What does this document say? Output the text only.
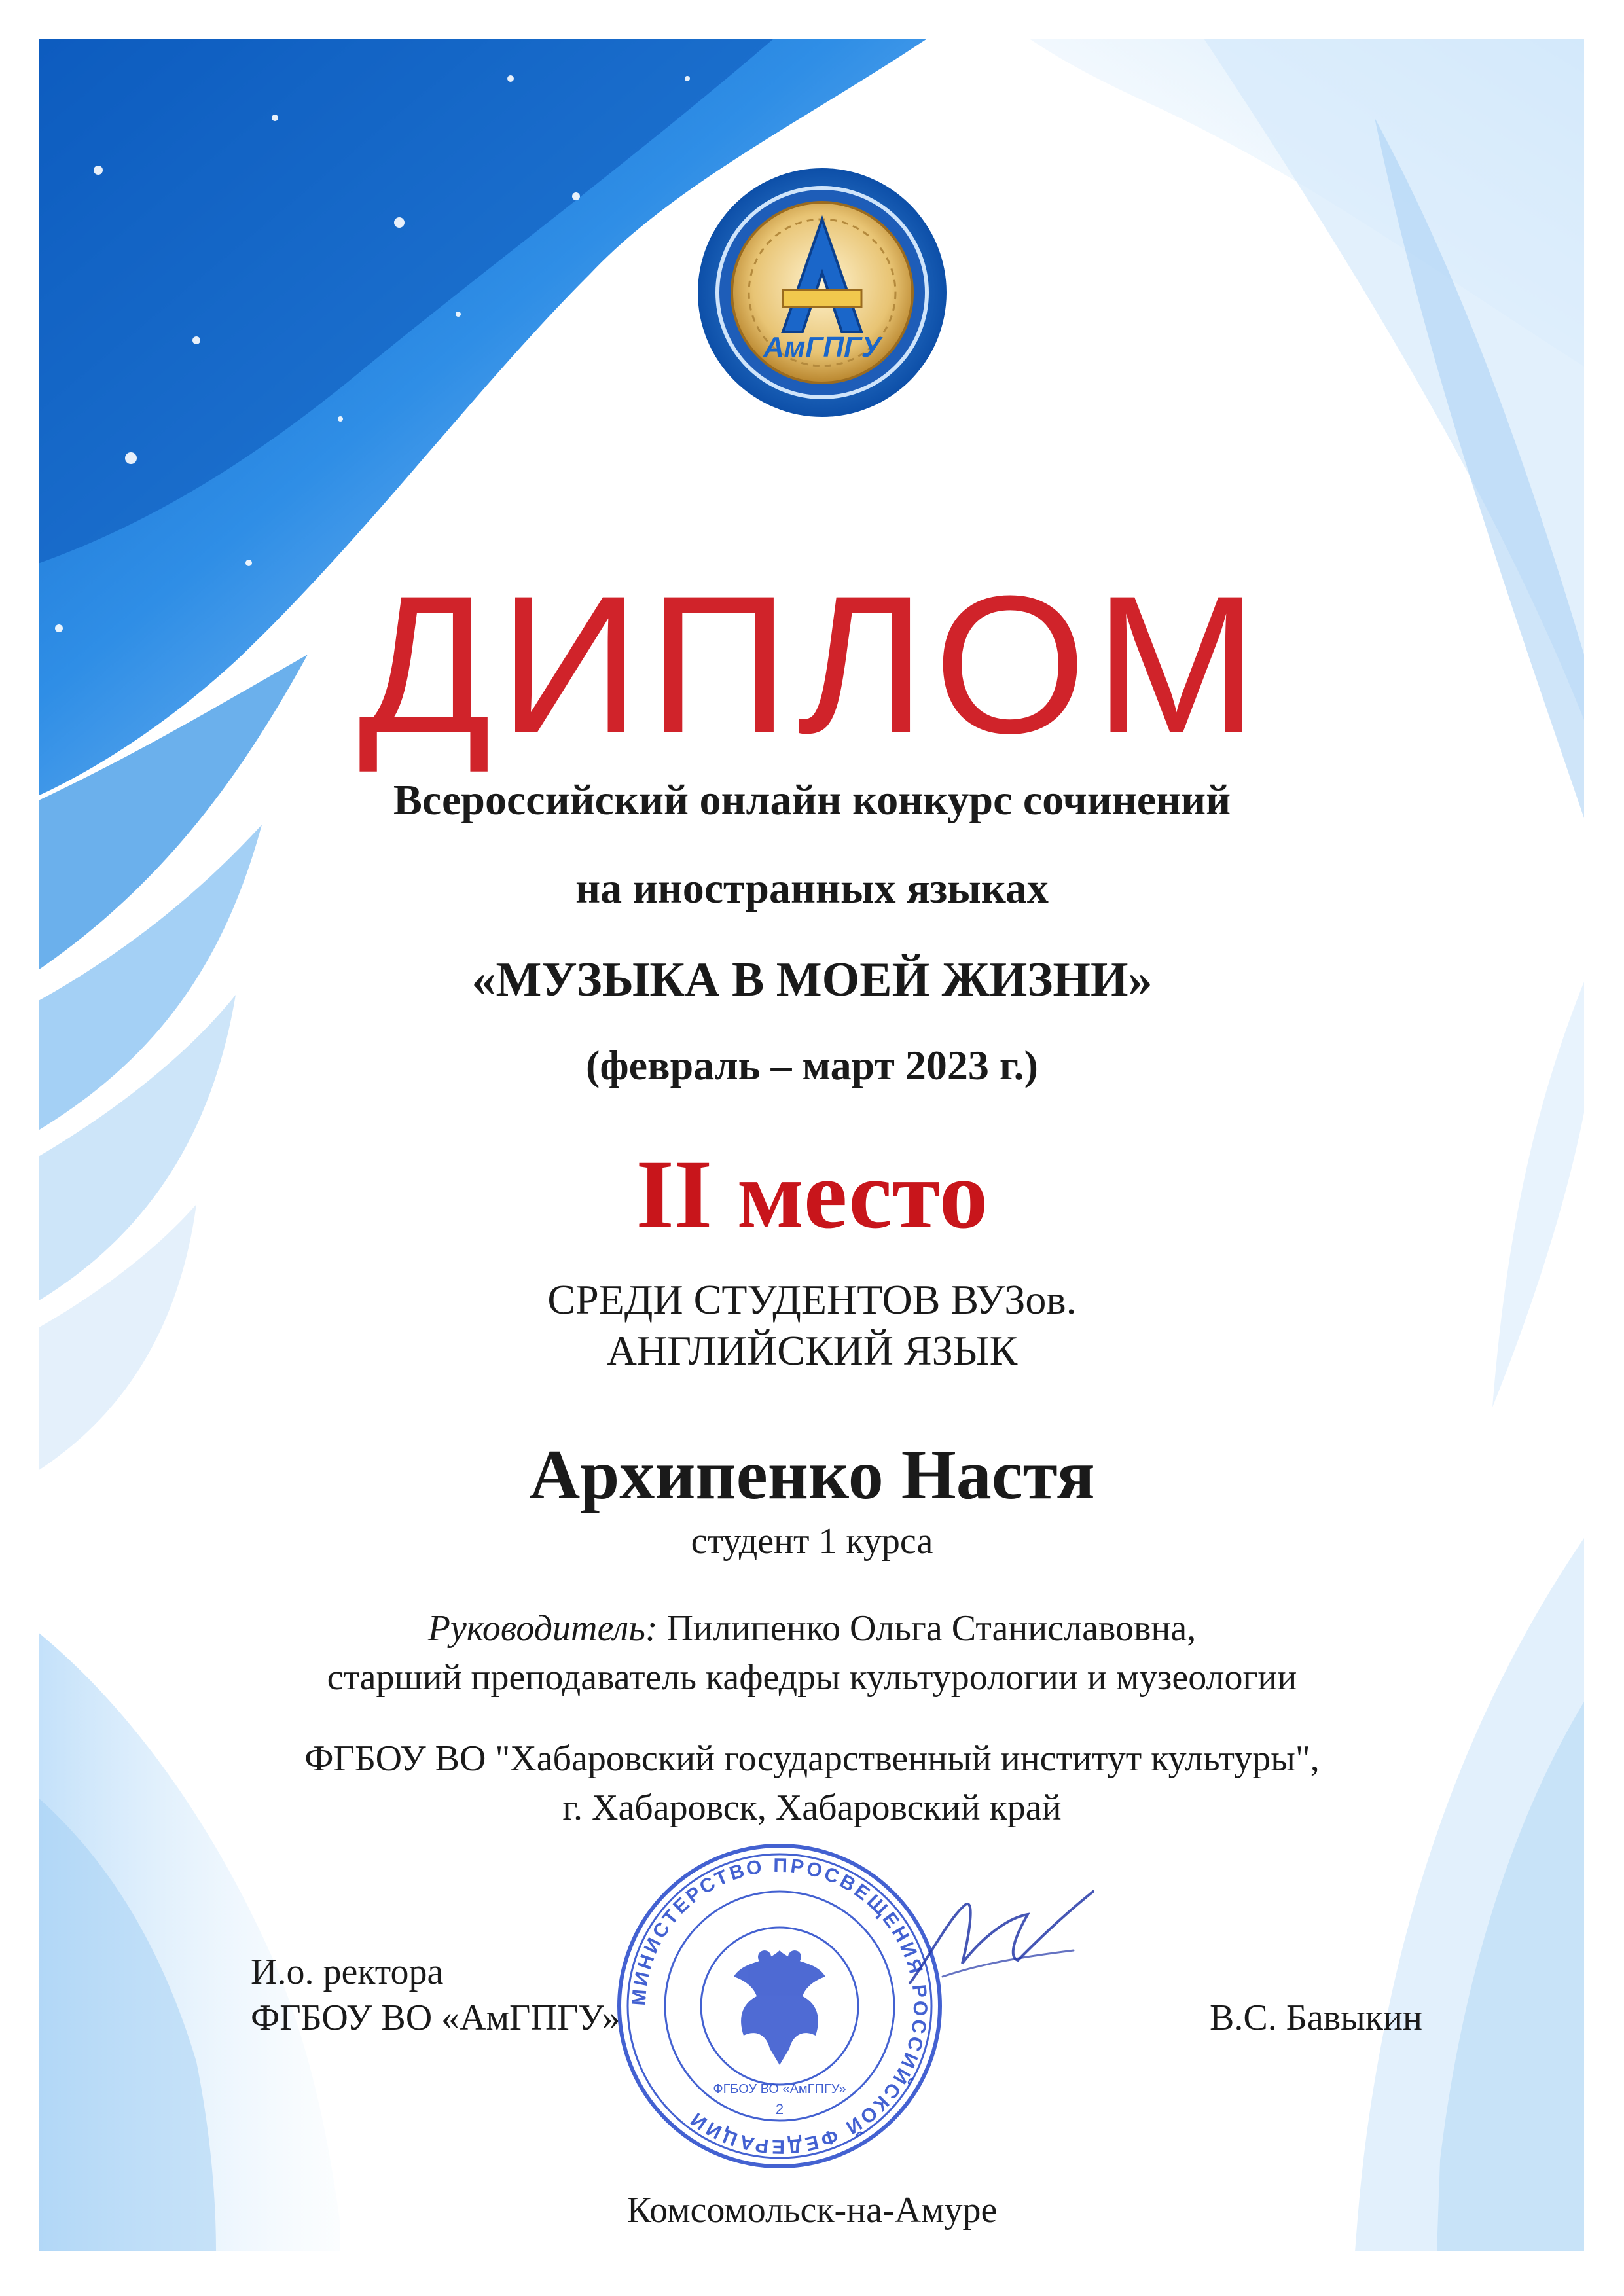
АмГПГУ
ДИПЛОМ
Всероссийский онлайн конкурс сочинений
на иностранных языках
«МУЗЫКА В МОЕЙ ЖИЗНИ»
(февраль – март 2023 г.)
II место
СРЕДИ СТУДЕНТОВ ВУЗов.
АНГЛИЙСКИЙ ЯЗЫК
Архипенко Настя
студент 1 курса
Руководитель: Пилипенко Ольга Станиславовна,
старший преподаватель кафедры культурологии и музеологии
ФГБОУ ВО "Хабаровский государственный институт культуры",
г. Хабаровск, Хабаровский край
И.о. ректора
ФГБОУ ВО «АмГПГУ»	В.С. Бавыкин
МИНИСТЕРСТВО ПРОСВЕЩЕНИЯ РОССИЙСКОЙ ФЕДЕРАЦИИ
ФГБОУ ВО «АмГПГУ»
2
Комсомольск-на-Амуре
